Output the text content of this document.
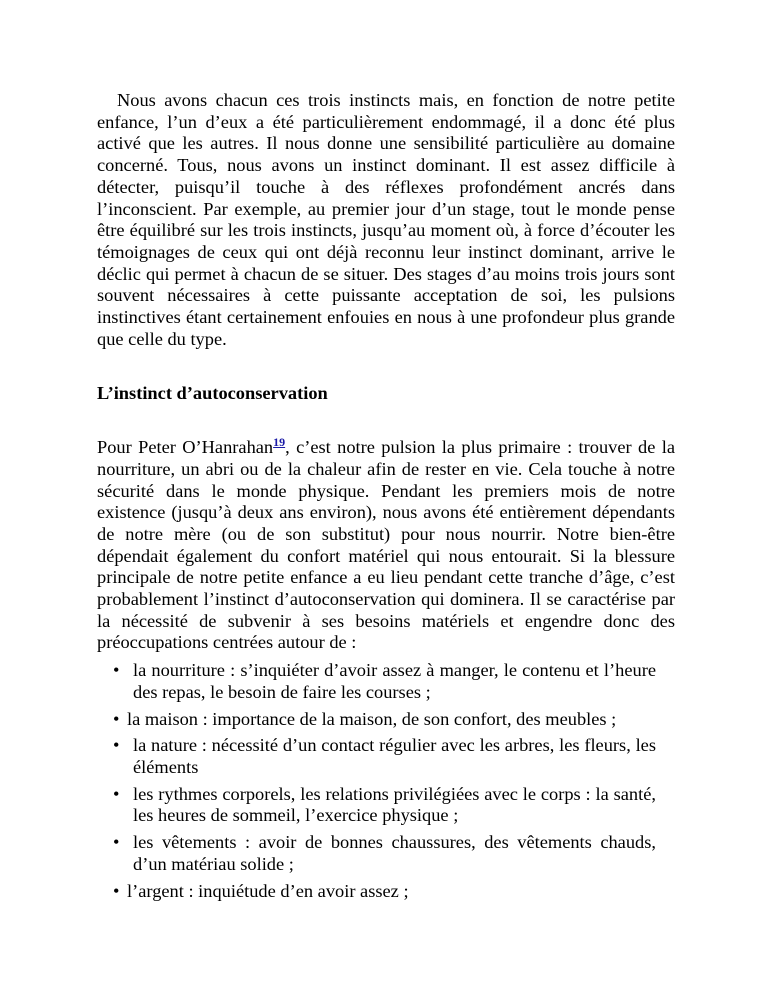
Nous avons chacun ces trois instincts mais, en fonction de notre petite enfance, l’un d’eux a été particulièrement endommagé, il a donc été plus activé que les autres. Il nous donne une sensibilité particulière au domaine concerné. Tous, nous avons un instinct dominant. Il est assez difficile à détecter, puisqu’il touche à des réflexes profondément ancrés dans l’inconscient. Par exemple, au premier jour d’un stage, tout le monde pense être équilibré sur les trois instincts, jusqu’au moment où, à force d’écouter les témoignages de ceux qui ont déjà reconnu leur instinct dominant, arrive le déclic qui permet à chacun de se situer. Des stages d’au moins trois jours sont souvent nécessaires à cette puissante acceptation de soi, les pulsions instinctives étant certainement enfouies en nous à une profondeur plus grande que celle du type.

L’instinct d’autoconservation

Pour Peter O’Hanrahan$^{19}$, c’est notre pulsion la plus primaire : trouver de la nourriture, un abri ou de la chaleur afin de rester en vie. Cela touche à notre sécurité dans le monde physique. Pendant les premiers mois de notre existence (jusqu’à deux ans environ), nous avons été entièrement dépendants de notre mère (ou de son substitut) pour nous nourrir. Notre bien-être dépendait également du confort matériel qui nous entourait. Si la blessure principale de notre petite enfance a eu lieu pendant cette tranche d’âge, c’est probablement l’instinct d’autoconservation qui dominera. Il se caractérise par la nécessité de subvenir à ses besoins matériels et engendre donc des préoccupations centrées autour de :

• la nourriture : s’inquiéter d’avoir assez à manger, le contenu et l’heure des repas, le besoin de faire les courses ;
• la maison : importance de la maison, de son confort, des meubles ;
• la nature : nécessité d’un contact régulier avec les arbres, les fleurs, les éléments
• les rythmes corporels, les relations privilégiées avec le corps : la santé, les heures de sommeil, l’exercice physique ;
• les vêtements : avoir de bonnes chaussures, des vêtements chauds, d’un matériau solide ;
• l’argent : inquiétude d’en avoir assez ;
